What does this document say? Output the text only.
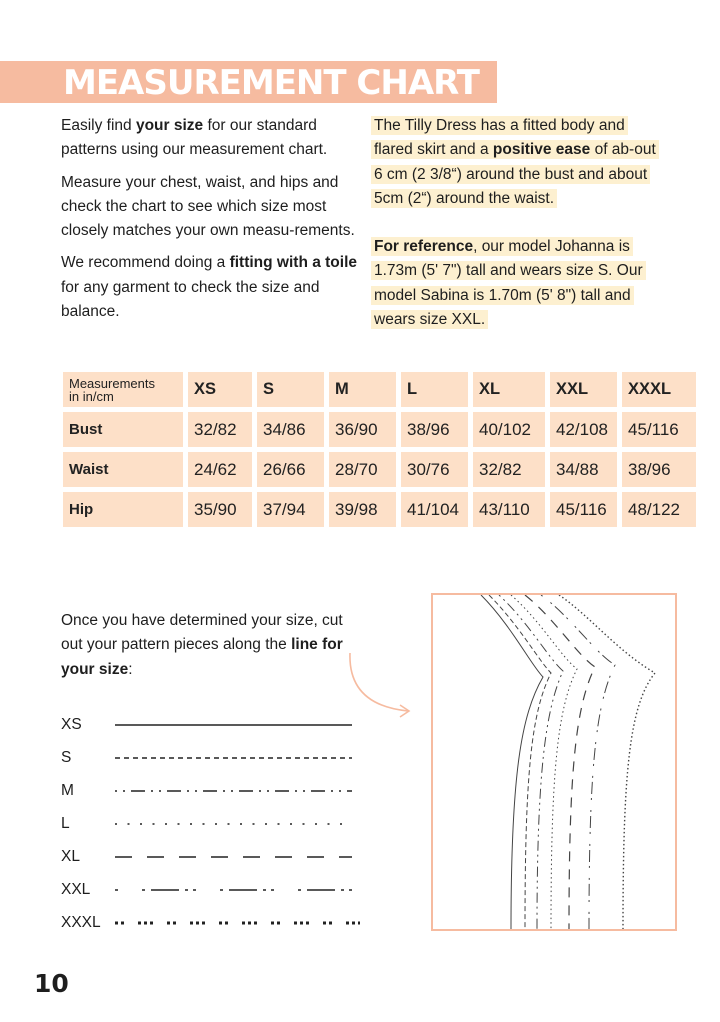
MEASUREMENT CHART

Easily find your size for our standard patterns using our measurement chart.

Measure your chest, waist, and hips and check the chart to see which size most closely matches your own measu-rements.

We recommend doing a fitting with a toile for any garment to check the size and balance.

The Tilly Dress has a fitted body and flared skirt and a positive ease of ab-out 6 cm (2 3/8“) around the bust and about 5cm (2“) around the waist.

For reference, our model Johanna is 1.73m (5' 7") tall and wears size S. Our model Sabina is 1.70m (5' 8") tall and wears size XXL.

Measurements
in in/cm	XS	S	M	L	XL	XXL	XXXL
Bust	32/82	34/86	36/90	38/96	40/102	42/108	45/116
Waist	24/62	26/66	28/70	30/76	32/82	34/88	38/96
Hip	35/90	37/94	39/98	41/104	43/110	45/116	48/122
Once you have determined your size, cut out your pattern pieces along the line for your size:
XS
S
M
L
XL
XXL
XXXL
10
